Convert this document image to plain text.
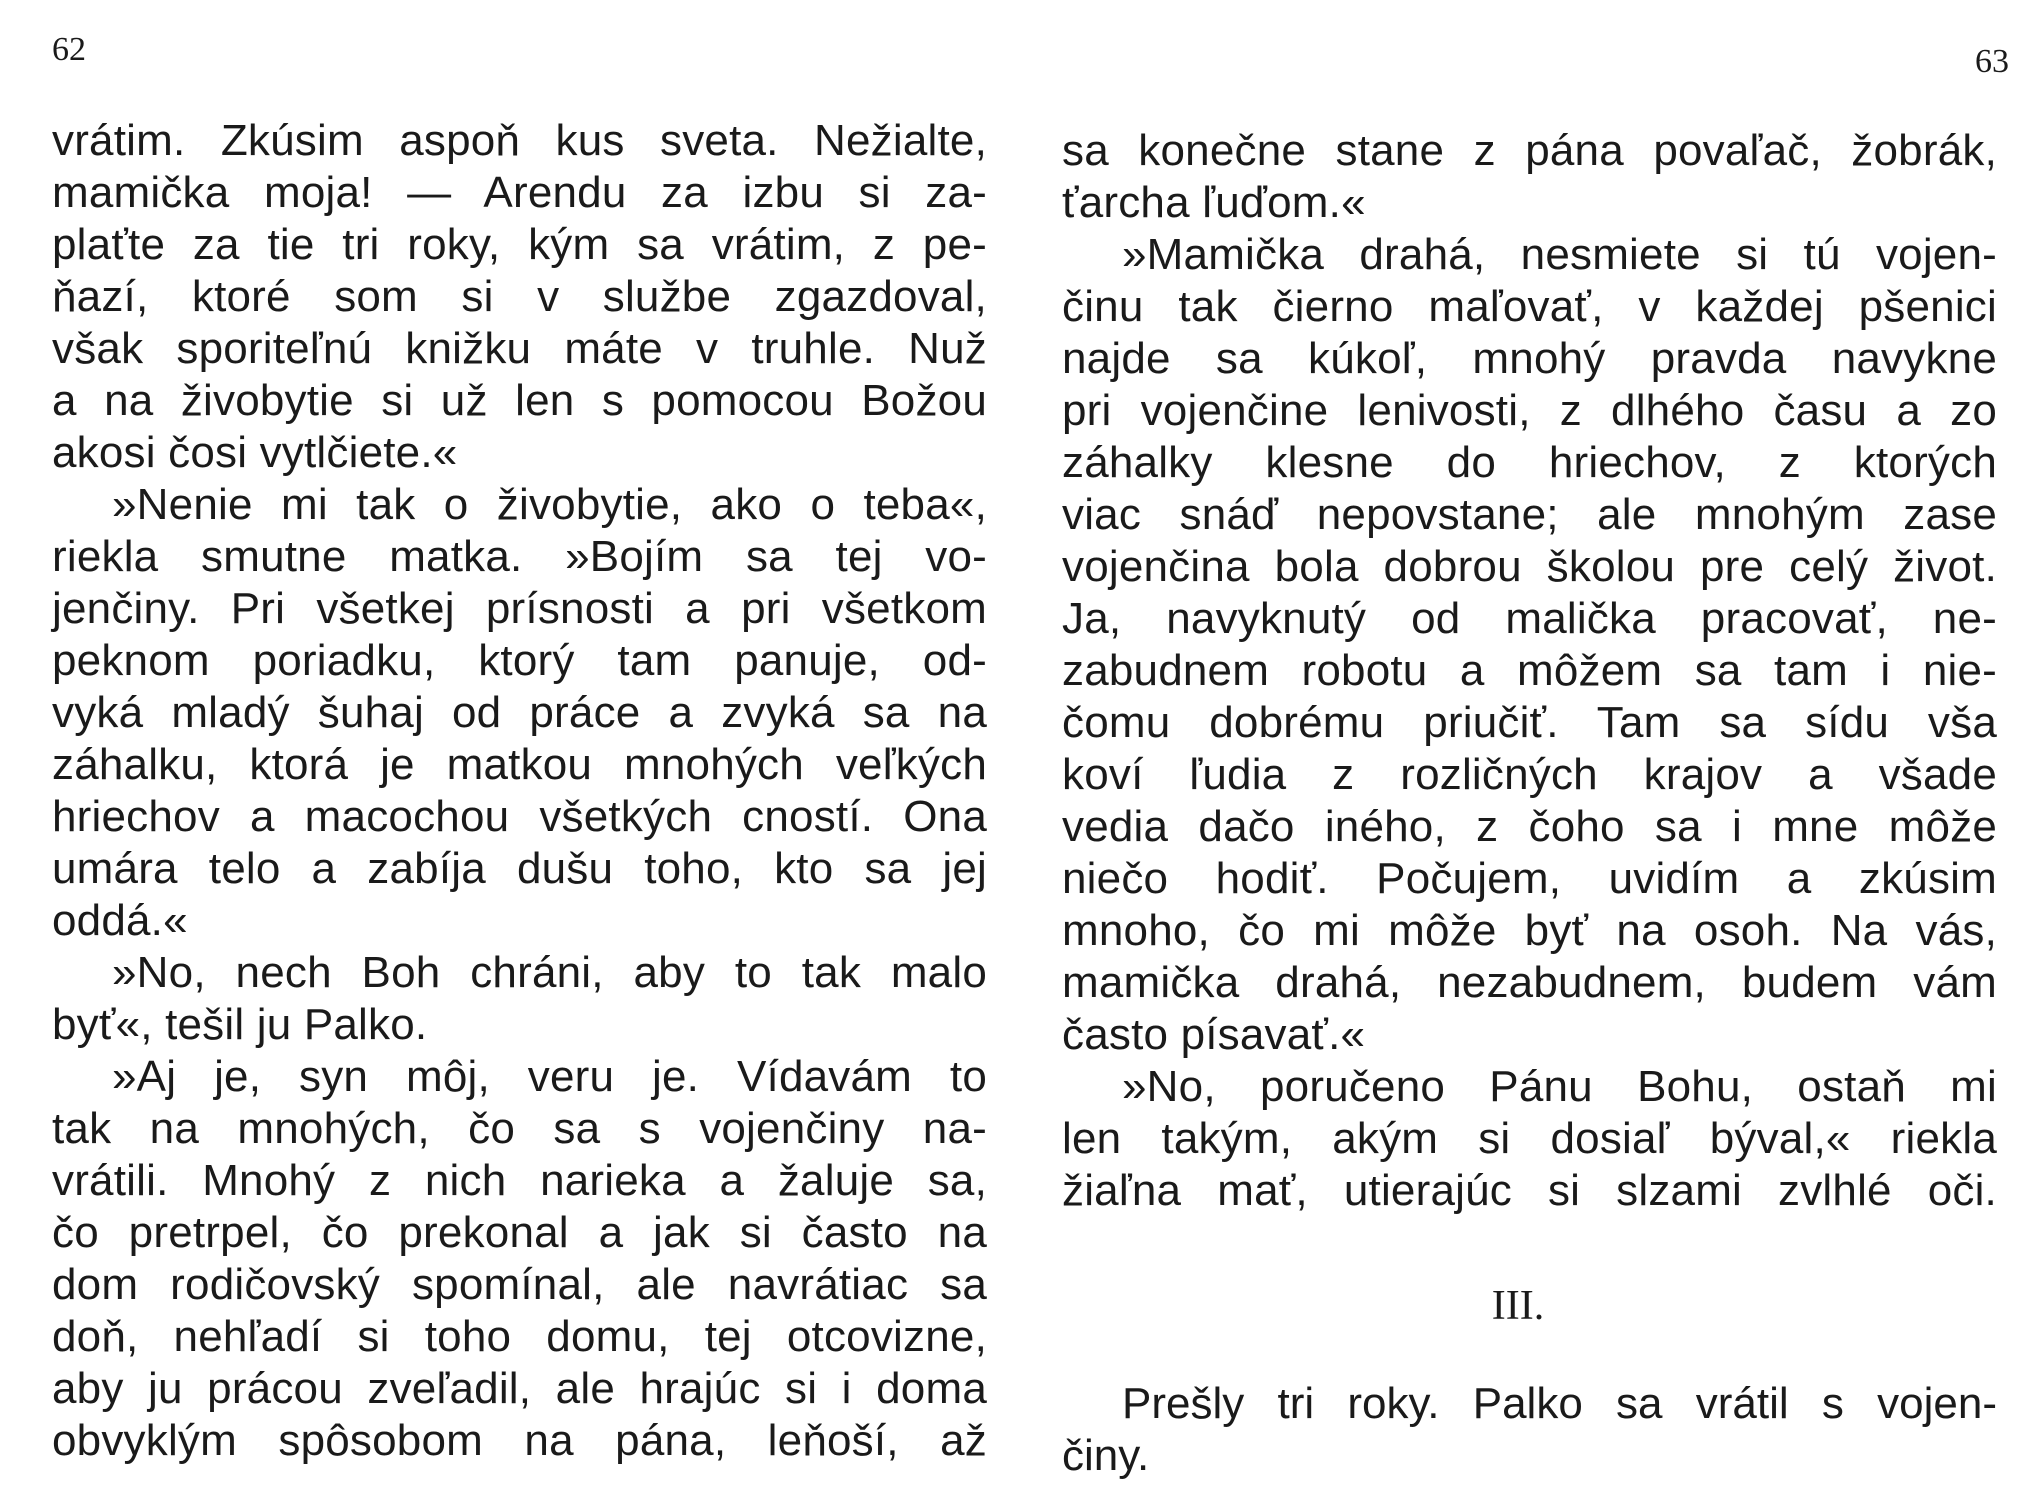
62
vrátim. Zkúsim aspoň kus sveta. Nežialte,
mamička moja! — Arendu za izbu si za-
plaťte za tie tri roky, kým sa vrátim, z pe-
ňazí, ktoré som si v službe zgazdoval,
však sporiteľnú knižku máte v truhle. Nuž
a na živobytie si už len s pomocou Božou
akosi čosi vytlčiete.«
»Nenie mi tak o živobytie, ako o teba«,
riekla smutne matka. »Bojím sa tej vo-
jenčiny. Pri všetkej prísnosti a pri všetkom
peknom poriadku, ktorý tam panuje, od-
vyká mladý šuhaj od práce a zvyká sa na
záhalku, ktorá je matkou mnohých veľkých
hriechov a macochou všetkých cností. Ona
umára telo a zabíja dušu toho, kto sa jej
oddá.«
»No, nech Boh chráni, aby to tak malo
byť«, tešil ju Palko.
»Aj je, syn môj, veru je. Vídavám to
tak na mnohých, čo sa s vojenčiny na-
vrátili. Mnohý z nich narieka a žaluje sa,
čo pretrpel, čo prekonal a jak si často na
dom rodičovský spomínal, ale navrátiac sa
doň, nehľadí si toho domu, tej otcovizne,
aby ju prácou zveľadil, ale hrajúc si i doma
obvyklým spôsobom na pána, leňoší, až
63
sa konečne stane z pána povaľač, žobrák,
ťarcha ľuďom.«
»Mamička drahá, nesmiete si tú vojen-
činu tak čierno maľovať, v každej pšenici
najde sa kúkoľ, mnohý pravda navykne
pri vojenčine lenivosti, z dlhého času a zo
záhalky klesne do hriechov, z ktorých
viac snáď nepovstane; ale mnohým zase
vojenčina bola dobrou školou pre celý život.
Ja, navyknutý od malička pracovať, ne-
zabudnem robotu a môžem sa tam i nie-
čomu dobrému priučiť. Tam sa sídu vša
koví ľudia z rozličných krajov a všade
vedia dačo iného, z čoho sa i mne môže
niečo hodiť. Počujem, uvidím a zkúsim
mnoho, čo mi môže byť na osoh. Na vás,
mamička drahá, nezabudnem, budem vám
často písavať.«
»No, poručeno Pánu Bohu, ostaň mi
len takým, akým si dosiaľ býval,« riekla
žiaľna mať, utierajúc si slzami zvlhlé oči.
III.
Prešly tri roky. Palko sa vrátil s vojen-
činy.
